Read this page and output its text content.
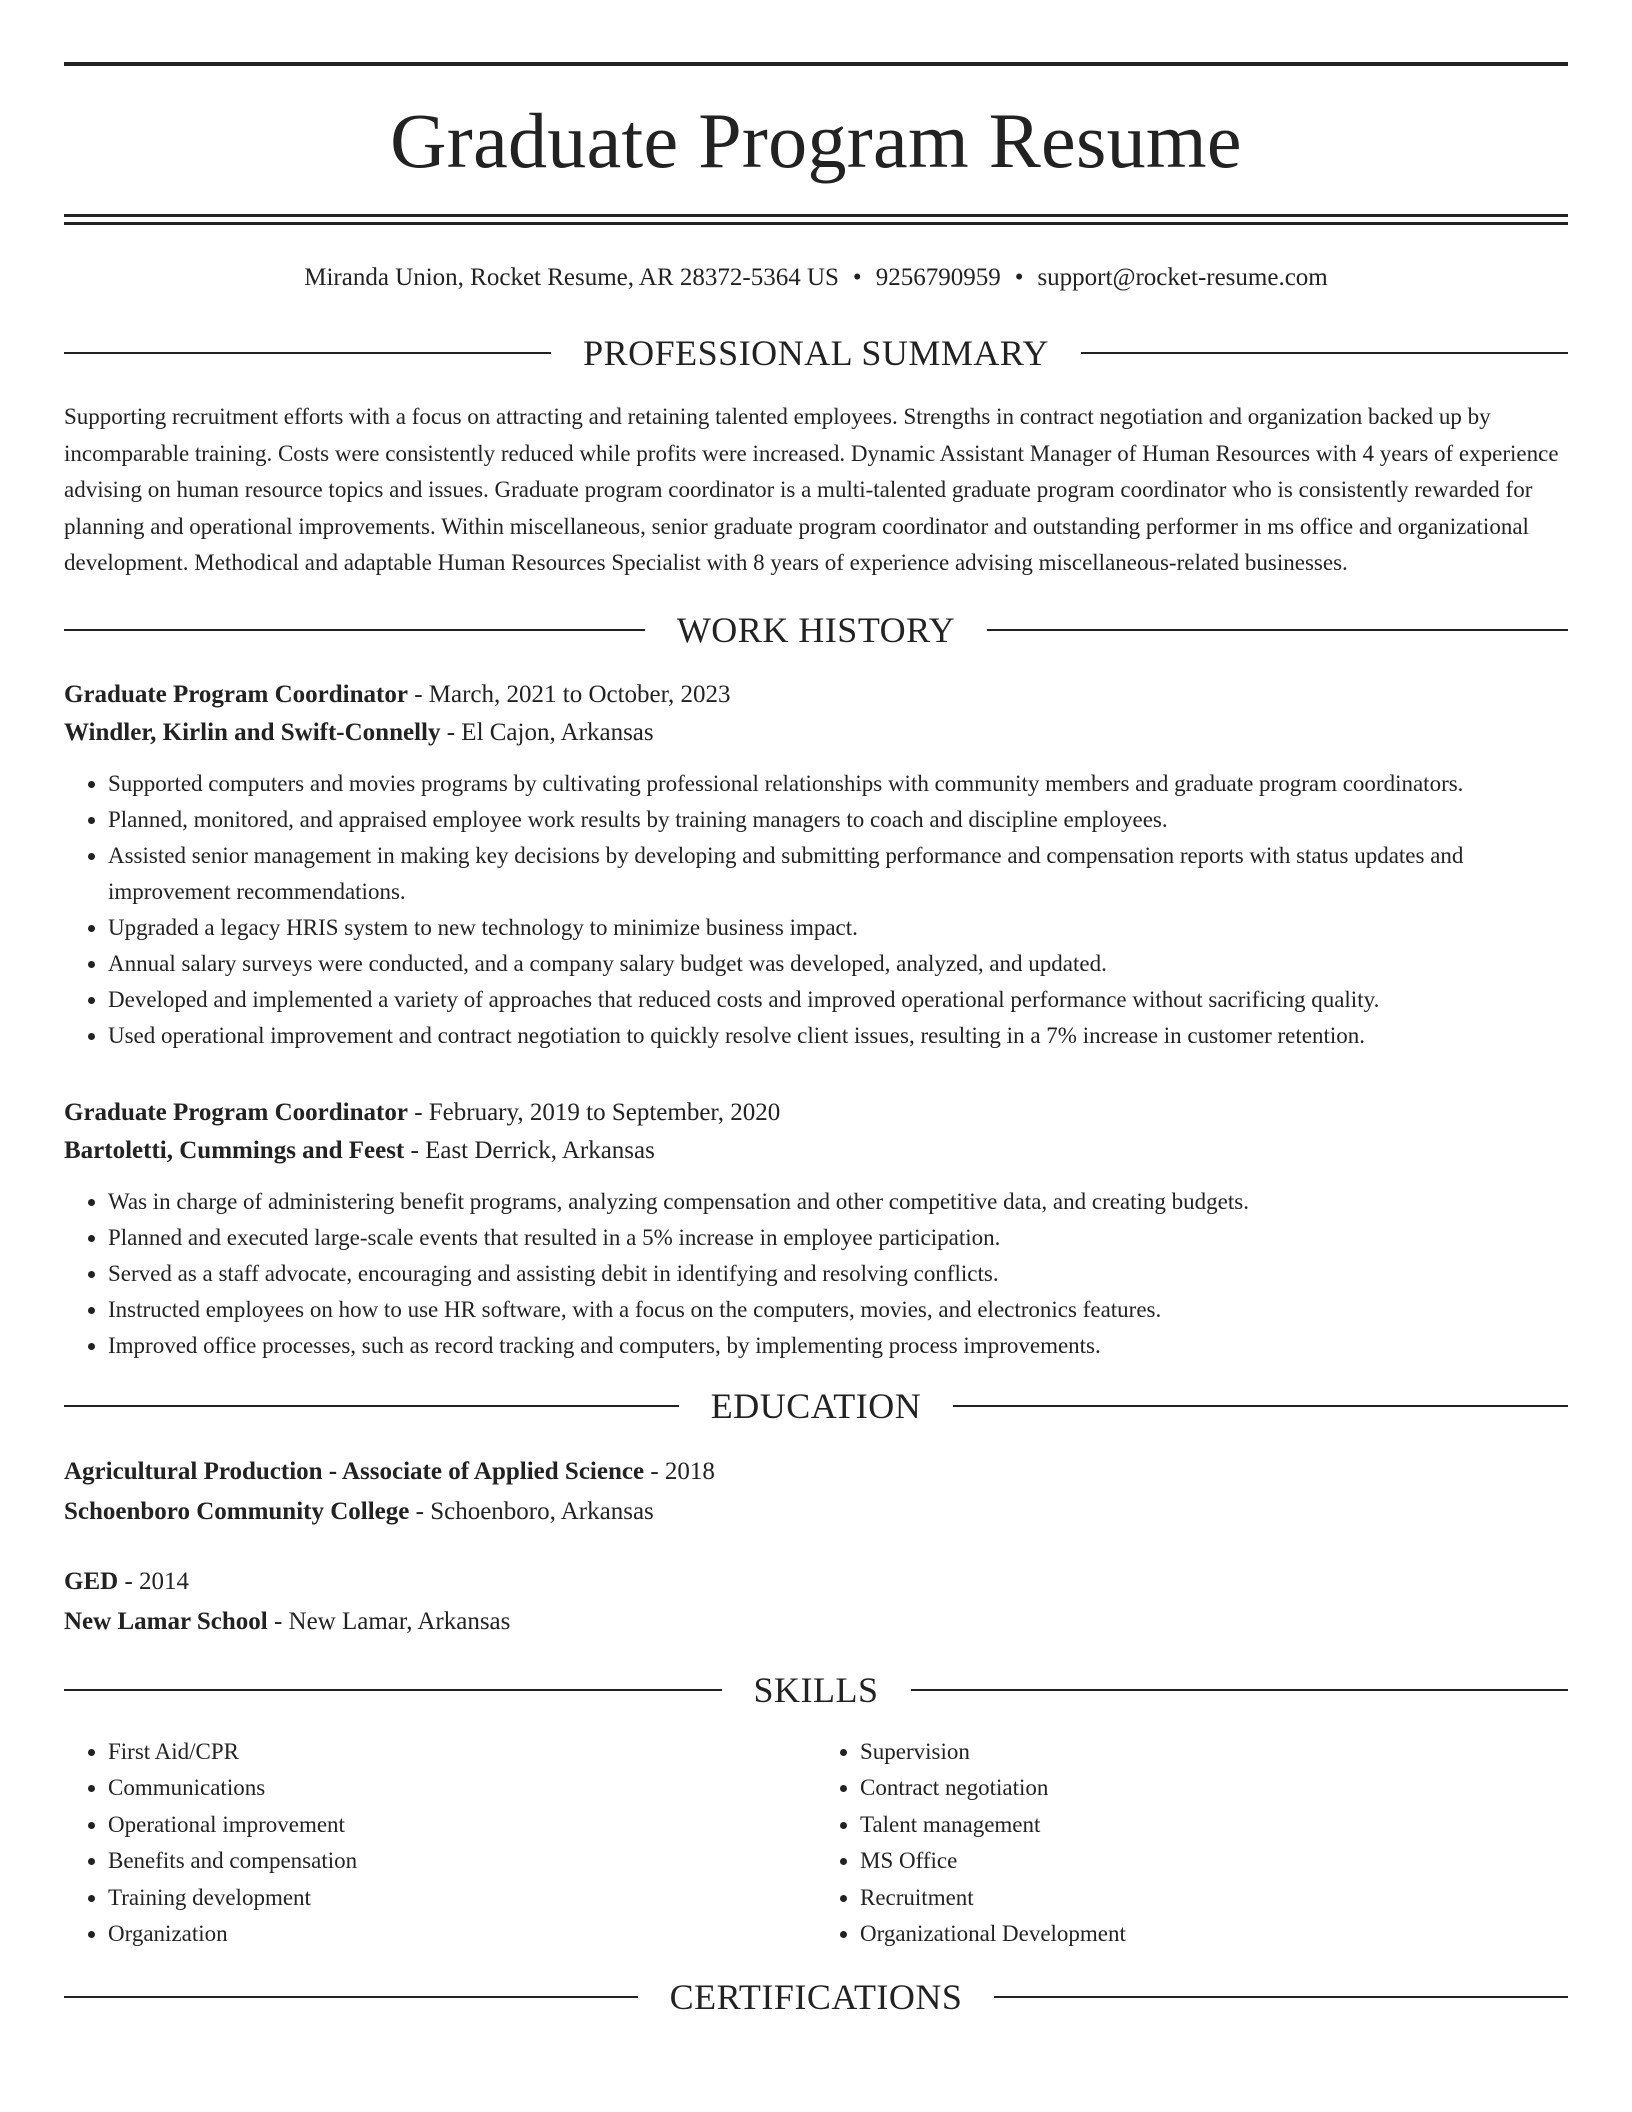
Graduate Program Resume
Miranda Union, Rocket Resume, AR 28372-5364 US • 9256790959 • support@rocket-resume.com
PROFESSIONAL SUMMARY

Supporting recruitment efforts with a focus on attracting and retaining talented employees. Strengths in contract negotiation and organization backed up by incomparable training. Costs were consistently reduced while profits were increased. Dynamic Assistant Manager of Human Resources with 4 years of experience advising on human resource topics and issues. Graduate program coordinator is a multi-talented graduate program coordinator who is consistently rewarded for planning and operational improvements. Within miscellaneous, senior graduate program coordinator and outstanding performer in ms office and organizational development. Methodical and adaptable Human Resources Specialist with 8 years of experience advising miscellaneous-related businesses.

WORK HISTORY
Graduate Program Coordinator - March, 2021 to October, 2023
Windler, Kirlin and Swift-Connelly - El Cajon, Arkansas
• Supported computers and movies programs by cultivating professional relationships with community members and graduate program coordinators.
• Planned, monitored, and appraised employee work results by training managers to coach and discipline employees.
• Assisted senior management in making key decisions by developing and submitting performance and compensation reports with status updates and improvement recommendations.
• Upgraded a legacy HRIS system to new technology to minimize business impact.
• Annual salary surveys were conducted, and a company salary budget was developed, analyzed, and updated.
• Developed and implemented a variety of approaches that reduced costs and improved operational performance without sacrificing quality.
• Used operational improvement and contract negotiation to quickly resolve client issues, resulting in a 7% increase in customer retention.
Graduate Program Coordinator - February, 2019 to September, 2020
Bartoletti, Cummings and Feest - East Derrick, Arkansas
• Was in charge of administering benefit programs, analyzing compensation and other competitive data, and creating budgets.
• Planned and executed large-scale events that resulted in a 5% increase in employee participation.
• Served as a staff advocate, encouraging and assisting debit in identifying and resolving conflicts.
• Instructed employees on how to use HR software, with a focus on the computers, movies, and electronics features.
• Improved office processes, such as record tracking and computers, by implementing process improvements.
EDUCATION
Agricultural Production - Associate of Applied Science - 2018
Schoenboro Community College - Schoenboro, Arkansas
GED - 2014
New Lamar School - New Lamar, Arkansas
SKILLS
• First Aid/CPR
• Communications
• Operational improvement
• Benefits and compensation
• Training development
• Organization
• Supervision
• Contract negotiation
• Talent management
• MS Office
• Recruitment
• Organizational Development
CERTIFICATIONS
